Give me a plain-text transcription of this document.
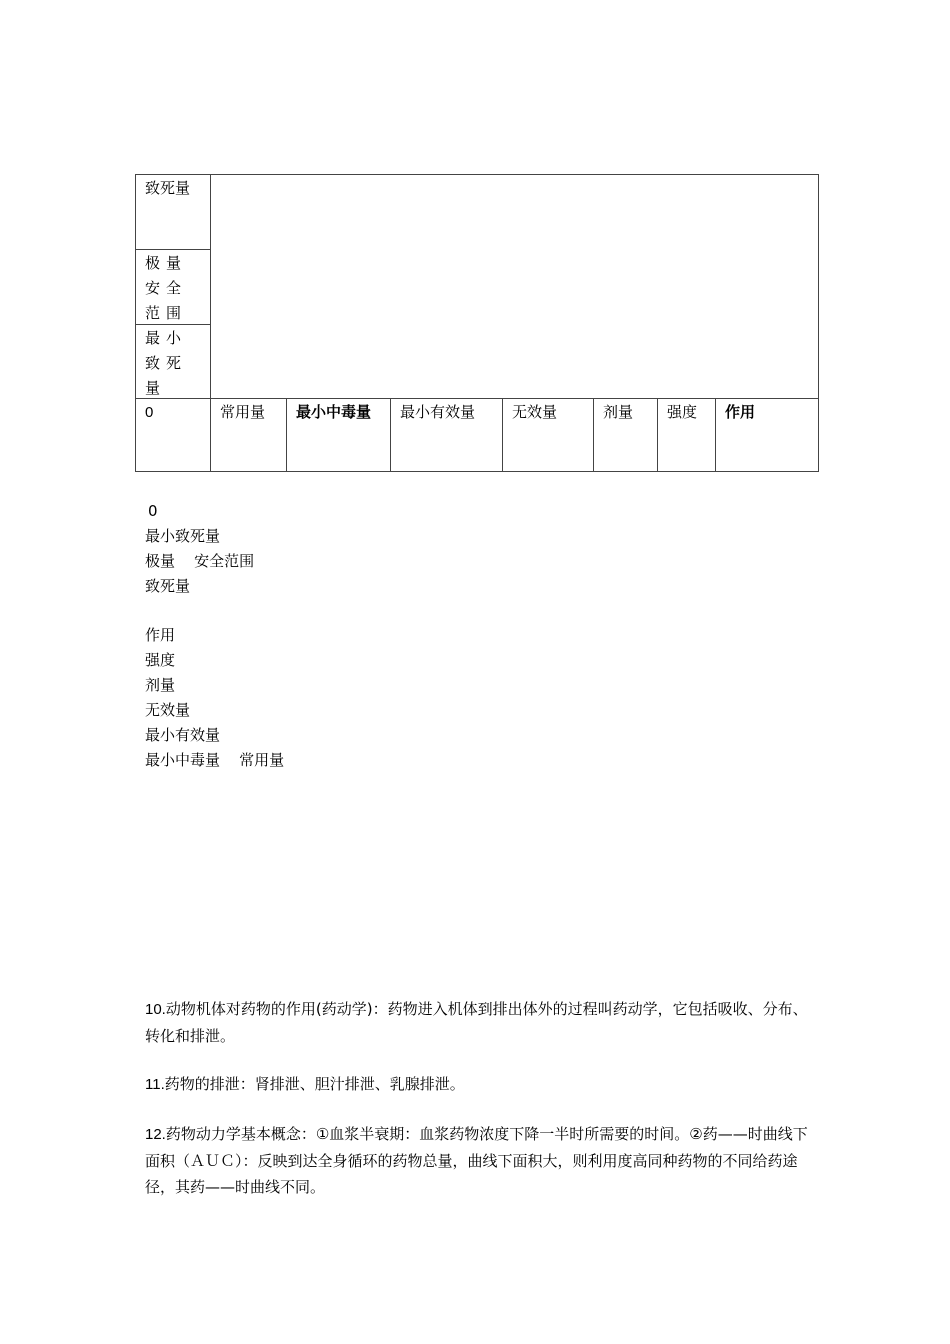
致死量
极量安全范围
最小致死量
0	常用量 最小中毒量 最小有效量 无效量	剂量 强度 作用
0
最小致死量
极量    安全范围
致死量
作用
强度
剂量
无效量
最小有效量
最小中毒量    常用量
10.动物机体对药物的作用(药动学)：药物进入机体到排出体外的过程叫药动学，它包括吸收、分布、转化和排泄。
11.药物的排泄：肾排泄、胆汁排泄、乳腺排泄。
12.药物动力学基本概念：①血浆半衰期：血浆药物浓度下降一半时所需要的时间。②药——时曲线下面积（ＡＵＣ）：反映到达全身循环的药物总量，曲线下面积大，则利用度高同种药物的不同给药途径，其药——时曲线不同。
